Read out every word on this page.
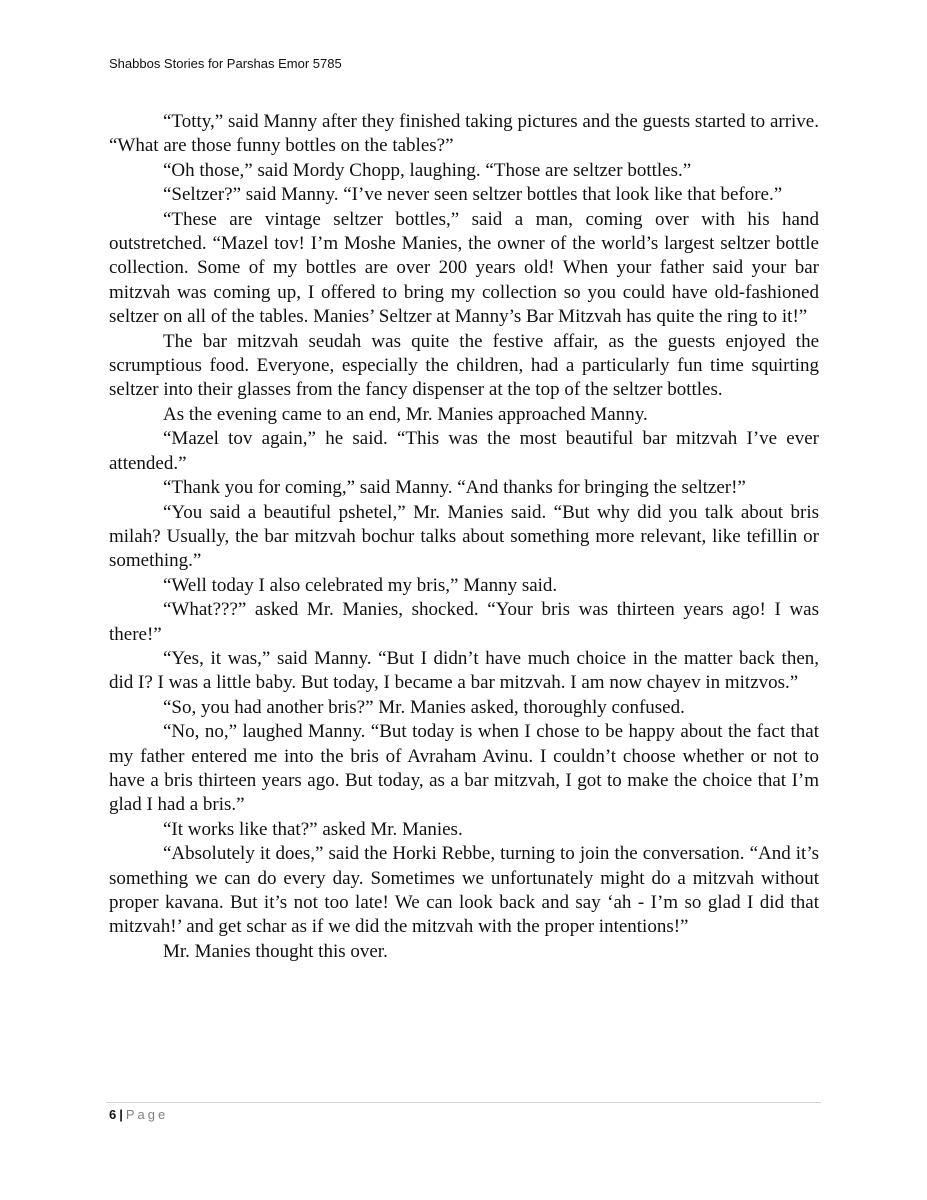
Shabbos Stories for Parshas Emor 5785

“Totty,” said Manny after they finished taking pictures and the guests started to arrive. “What are those funny bottles on the tables?”

“Oh those,” said Mordy Chopp, laughing. “Those are seltzer bottles.”

“Seltzer?” said Manny. “I’ve never seen seltzer bottles that look like that before.”

“These are vintage seltzer bottles,” said a man, coming over with his hand outstretched. “Mazel tov! I’m Moshe Manies, the owner of the world’s largest seltzer bottle collection. Some of my bottles are over 200 years old! When your father said your bar mitzvah was coming up, I offered to bring my collection so you could have old-fashioned seltzer on all of the tables. Manies’ Seltzer at Manny’s Bar Mitzvah has quite the ring to it!”

The bar mitzvah seudah was quite the festive affair, as the guests enjoyed the scrumptious food. Everyone, especially the children, had a particularly fun time squirting seltzer into their glasses from the fancy dispenser at the top of the seltzer bottles.

As the evening came to an end, Mr. Manies approached Manny.

“Mazel tov again,” he said. “This was the most beautiful bar mitzvah I’ve ever attended.”

“Thank you for coming,” said Manny. “And thanks for bringing the seltzer!”

“You said a beautiful pshetel,” Mr. Manies said. “But why did you talk about bris milah? Usually, the bar mitzvah bochur talks about something more relevant, like tefillin or something.”

“Well today I also celebrated my bris,” Manny said.

“What???” asked Mr. Manies, shocked. “Your bris was thirteen years ago! I was there!”

“Yes, it was,” said Manny. “But I didn’t have much choice in the matter back then, did I? I was a little baby. But today, I became a bar mitzvah. I am now chayev in mitzvos.”

“So, you had another bris?” Mr. Manies asked, thoroughly confused.

“No, no,” laughed Manny. “But today is when I chose to be happy about the fact that my father entered me into the bris of Avraham Avinu. I couldn’t choose whether or not to have a bris thirteen years ago. But today, as a bar mitzvah, I got to make the choice that I’m glad I had a bris.”

“It works like that?” asked Mr. Manies.

“Absolutely it does,” said the Horki Rebbe, turning to join the conversation. “And it’s something we can do every day. Sometimes we unfortunately might do a mitzvah without proper kavana. But it’s not too late! We can look back and say ‘ah - I’m so glad I did that mitzvah!’ and get schar as if we did the mitzvah with the proper intentions!”

Mr. Manies thought this over.

6 | Page
